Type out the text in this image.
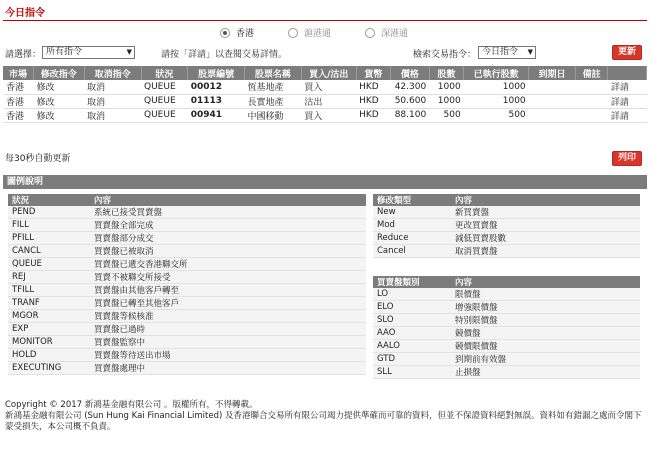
今日指令
香港	滬港通	深港通
請選擇： 所有指令	▼	請按「詳請」以查閱交易詳情。	檢索交易指令： 今日指令 ▼	更新
市場	修改指令	取消指令	狀況	股票編號	股票名稱	買入/沽出	貨幣	價格	股數	已執行股數	到期日	備註	
香港	修改	取消	QUEUE	00012	恆基地產	買入	HKD	42.300	1000	1000			詳請
香港	修改	取消	QUEUE	01113	長實地產	沽出	HKD	50.600	1000	1000			詳請
香港	修改	取消	QUEUE	00941	中國移動	買入	HKD	88.100	500	500			詳請
每30秒自動更新	列印
圖例說明
狀況	內容
PEND	系統已接受買賣盤
FILL	買賣盤全部完成
PFILL	買賣盤部分成交
CANCL	買賣盤已被取消
QUEUE	買賣盤已遞交香港聯交所
REJ	買賣不被聯交所接受
TFILL	買賣盤由其他客戶轉至
TRANF	買賣盤已轉至其他客戶
MGOR	買賣盤等候核准
EXP	買賣盤已過時
MONITOR	買賣盤監察中
HOLD	買賣盤等待送出市場
EXECUTING	買賣盤處理中
修改類型	內容
New	新買賣盤
Mod	更改買賣盤
Reduce	減低買賣股數
Cancel	取消買賣盤
買賣盤類別	內容
LO	限價盤
ELO	增強限價盤
SLO	特別限價盤
AAO	競價盤
AALO	競價限價盤
GTD	到期前有效盤
SLL	止損盤
Copyright © 2017 新鴻基金融有限公司 。版權所有，不得轉載。
新鴻基金融有限公司 (Sun Hung Kai Financial Limited) 及香港聯合交易所有限公司竭力提供準確而可靠的資料，但並不保證資料絕對無誤。資料如有錯漏之處而令閣下蒙受損失，本公司概不負責。
